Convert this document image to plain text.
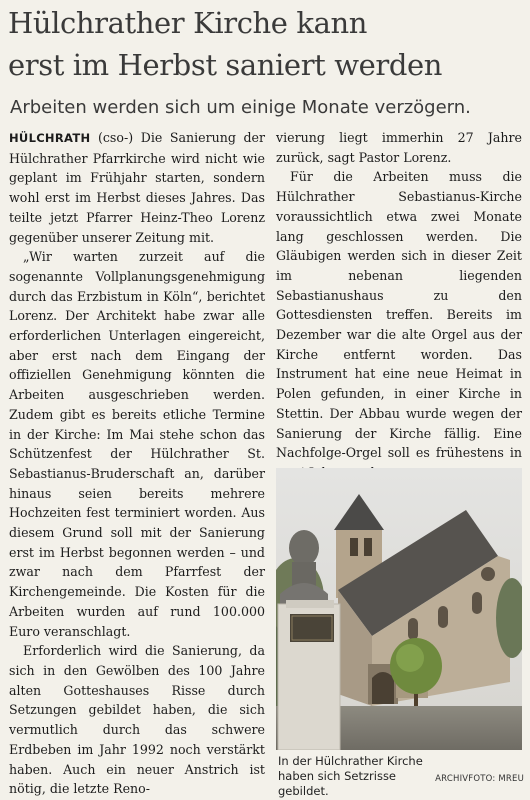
Hülchrather Kirche kann
erst im Herbst saniert werden
Arbeiten werden sich um einige Monate verzögern.

HÜLCHRATH (cso-) Die Sanierung der Hülchrather Pfarrkirche wird nicht wie geplant im Frühjahr starten, sondern wohl erst im Herbst dieses Jahres. Das teilte jetzt Pfarrer Heinz-Theo Lorenz gegenüber unserer Zeitung mit.

„Wir warten zurzeit auf die sogenannte Vollplanungsgenehmigung durch das Erzbistum in Köln“, berichtet Lorenz. Der Architekt habe zwar alle erforderlichen Unterlagen eingereicht, aber erst nach dem Eingang der offiziellen Genehmigung könnten die Arbeiten ausgeschrieben werden. Zudem gibt es bereits etliche Termine in der Kirche: Im Mai stehe schon das Schützenfest der Hülchrather St. Sebastianus-Bruderschaft an, darüber hinaus seien bereits mehrere Hochzeiten fest terminiert worden. Aus diesem Grund soll mit der Sanierung erst im Herbst begonnen werden – und zwar nach dem Pfarrfest der Kirchengemeinde. Die Kosten für die Arbeiten wurden auf rund 100.000 Euro veranschlagt.

Erforderlich wird die Sanierung, da sich in den Gewölben des 100 Jahre alten Gotteshauses Risse durch Setzungen gebildet haben, die sich vermutlich durch das schwere Erdbeben im Jahr 1992 noch verstärkt haben. Auch ein neuer Anstrich ist nötig, die letzte Reno-

vierung liegt immerhin 27 Jahre zurück, sagt Pastor Lorenz.

Für die Arbeiten muss die Hülchrather Sebastianus-Kirche voraussichtlich etwa zwei Monate lang geschlossen werden. Die Gläubigen werden sich in dieser Zeit im nebenan liegenden Sebastianushaus zu den Gottesdiensten treffen. Bereits im Dezember war die alte Orgel aus der Kirche entfernt worden. Das Instrument hat eine neue Heimat in Polen gefunden, in einer Kirche in Stettin. Der Abbau wurde wegen der Sanierung der Kirche fällig. Eine Nachfolge-Orgel soll es frühestens in

In der Hülchrather Kirche haben sich Setzrisse gebildet.
ARCHIVFOTO: MREU
